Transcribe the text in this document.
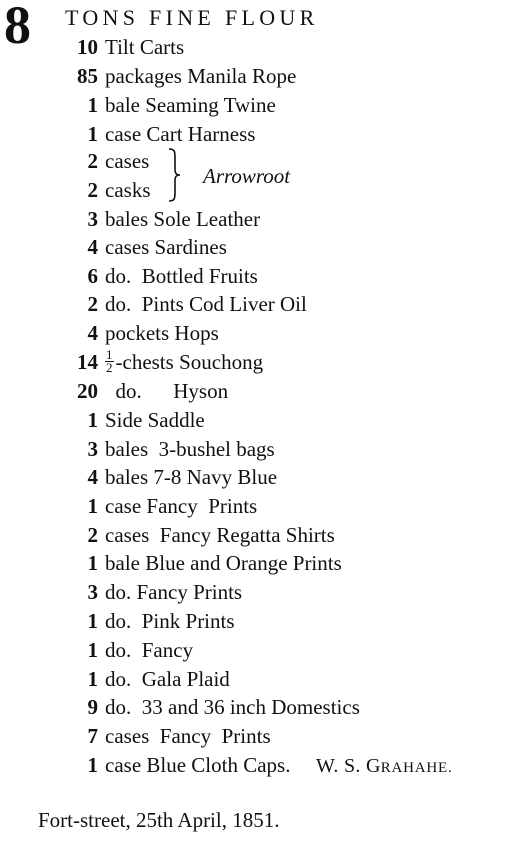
8 TONS FINE FLOUR
10 Tilt Carts
85 packages Manila Rope
1 bale Seaming Twine
1 case Cart Harness
2 cases
2 casks
Arrowroot
3 bales Sole Leather
4 cases Sardines
6 do.  Bottled Fruits
2 do.  Pints Cod Liver Oil
4 pockets Hops
$14 \frac{1}{2}$ -chests Souchong
20 do.      Hyson
1 Side Saddle
3 bales  3-bushel bags
4 bales 7-8 Navy Blue
1 case Fancy  Prints
2 cases  Fancy Regatta Shirts
1 bale Blue and Orange Prints
3 do. Fancy Prints
1 do.  Pink Prints
1 do.  Fancy
1 do.  Gala Plaid
9 do.  33 and 36 inch Domestics
7 cases  Fancy  Prints
1 case Blue Cloth Caps. W. S. GRAHAHE.
Fort-street, 25th April, 1851.
